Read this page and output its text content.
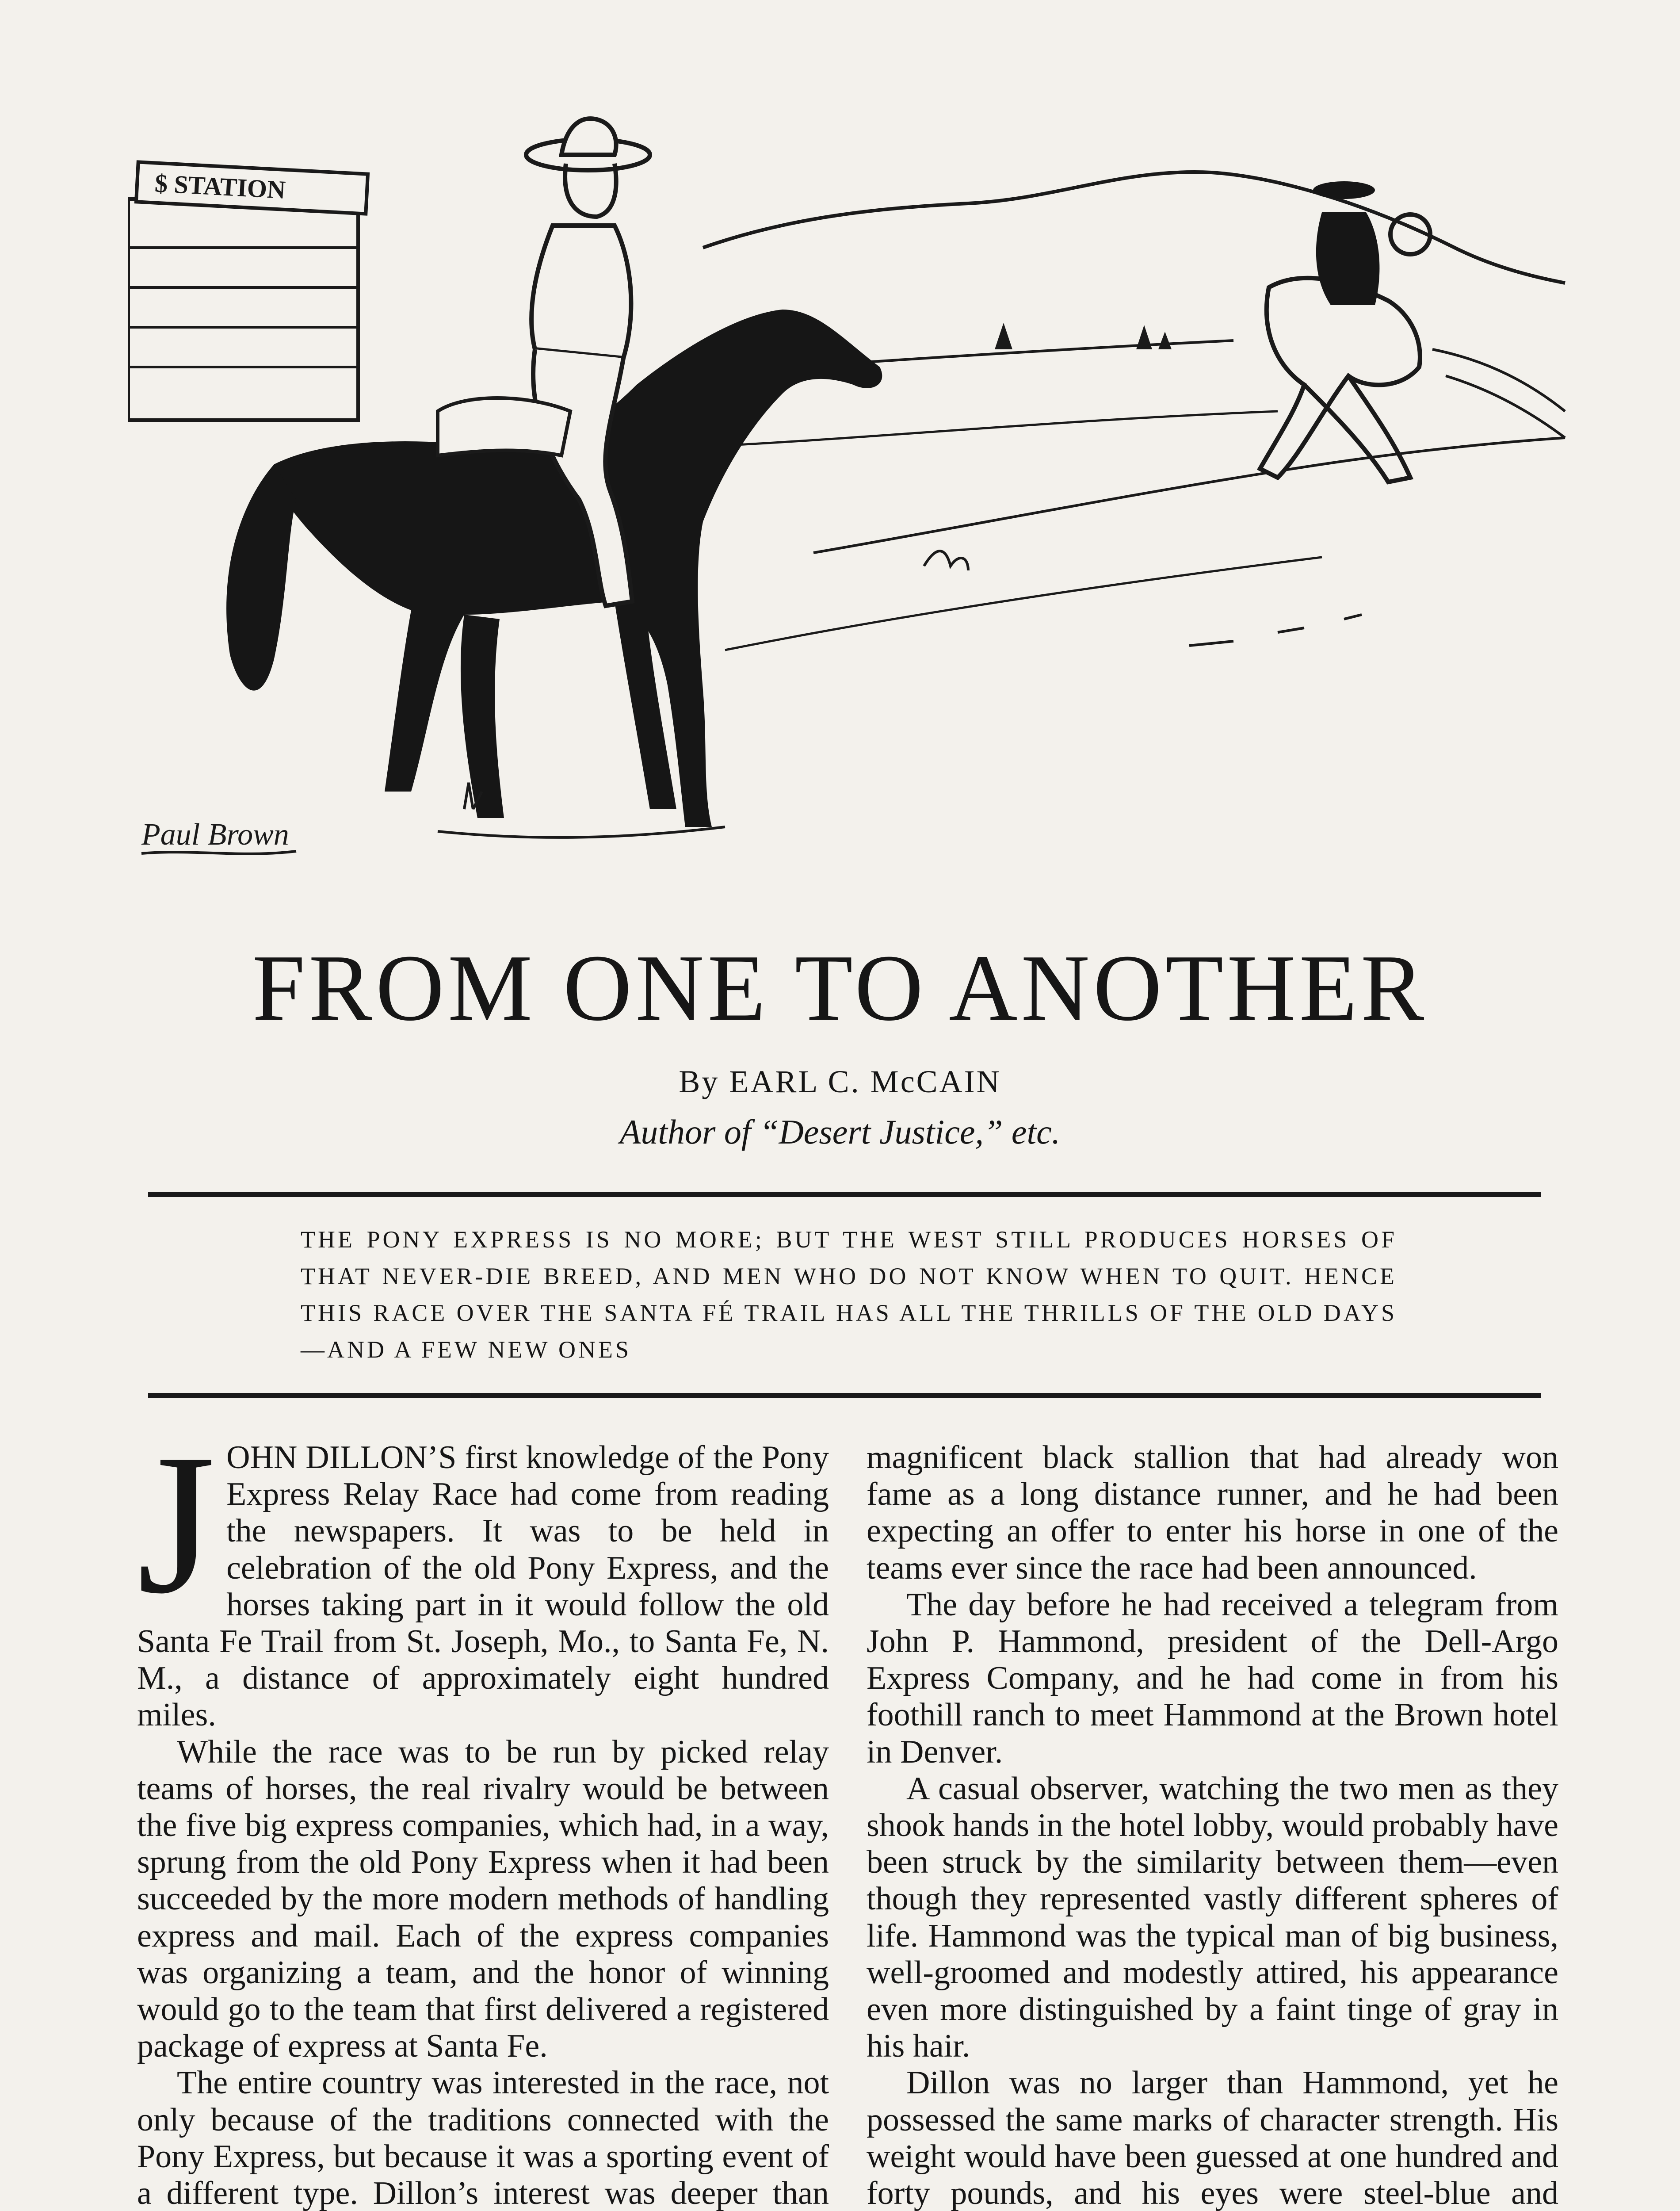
$ STATION
Paul Brown
FROM ONE TO ANOTHER
By EARL C. McCAIN
Author of “Desert Justice,” etc.
THE PONY EXPRESS IS NO MORE; BUT THE WEST STILL PRODUCES HORSES OF THAT NEVER-DIE BREED, AND MEN WHO DO NOT KNOW WHEN TO QUIT. HENCE THIS RACE OVER THE SANTA FÉ TRAIL HAS ALL THE THRILLS OF THE OLD DAYS—AND A FEW NEW ONES

JOHN DILLON’S first knowledge of the Pony Express Relay Race had come from reading the newspapers. It was to be held in celebration of the old Pony Express, and the horses taking part in it would follow the old Santa Fe Trail from St. Joseph, Mo., to Santa Fe, N. M., a distance of approximately eight hundred miles.

While the race was to be run by picked relay teams of horses, the real rivalry would be between the five big express companies, which had, in a way, sprung from the old Pony Express when it had been succeeded by the more modern methods of handling express and mail. Each of the express companies was organizing a team, and the honor of winning would go to the team that first delivered a registered package of express at Santa Fe.

The entire country was interested in the race, not only because of the traditions connected with the Pony Express, but because it was a sporting event of a different type. Dillon’s interest was deeper than

magnificent black stallion that had already won fame as a long distance runner, and he had been expecting an offer to enter his horse in one of the teams ever since the race had been announced.

The day before he had received a telegram from John P. Hammond, president of the Dell-Argo Express Company, and he had come in from his foothill ranch to meet Hammond at the Brown hotel in Denver.

A casual observer, watching the two men as they shook hands in the hotel lobby, would probably have been struck by the similarity between them—even though they represented vastly different spheres of life. Hammond was the typical man of big business, well-groomed and modestly attired, his appearance even more distinguished by a faint tinge of gray in his hair.

Dillon was no larger than Hammond, yet he possessed the same marks of character strength. His weight would have been guessed at one hundred and forty pounds, and his eyes were steel-blue and
